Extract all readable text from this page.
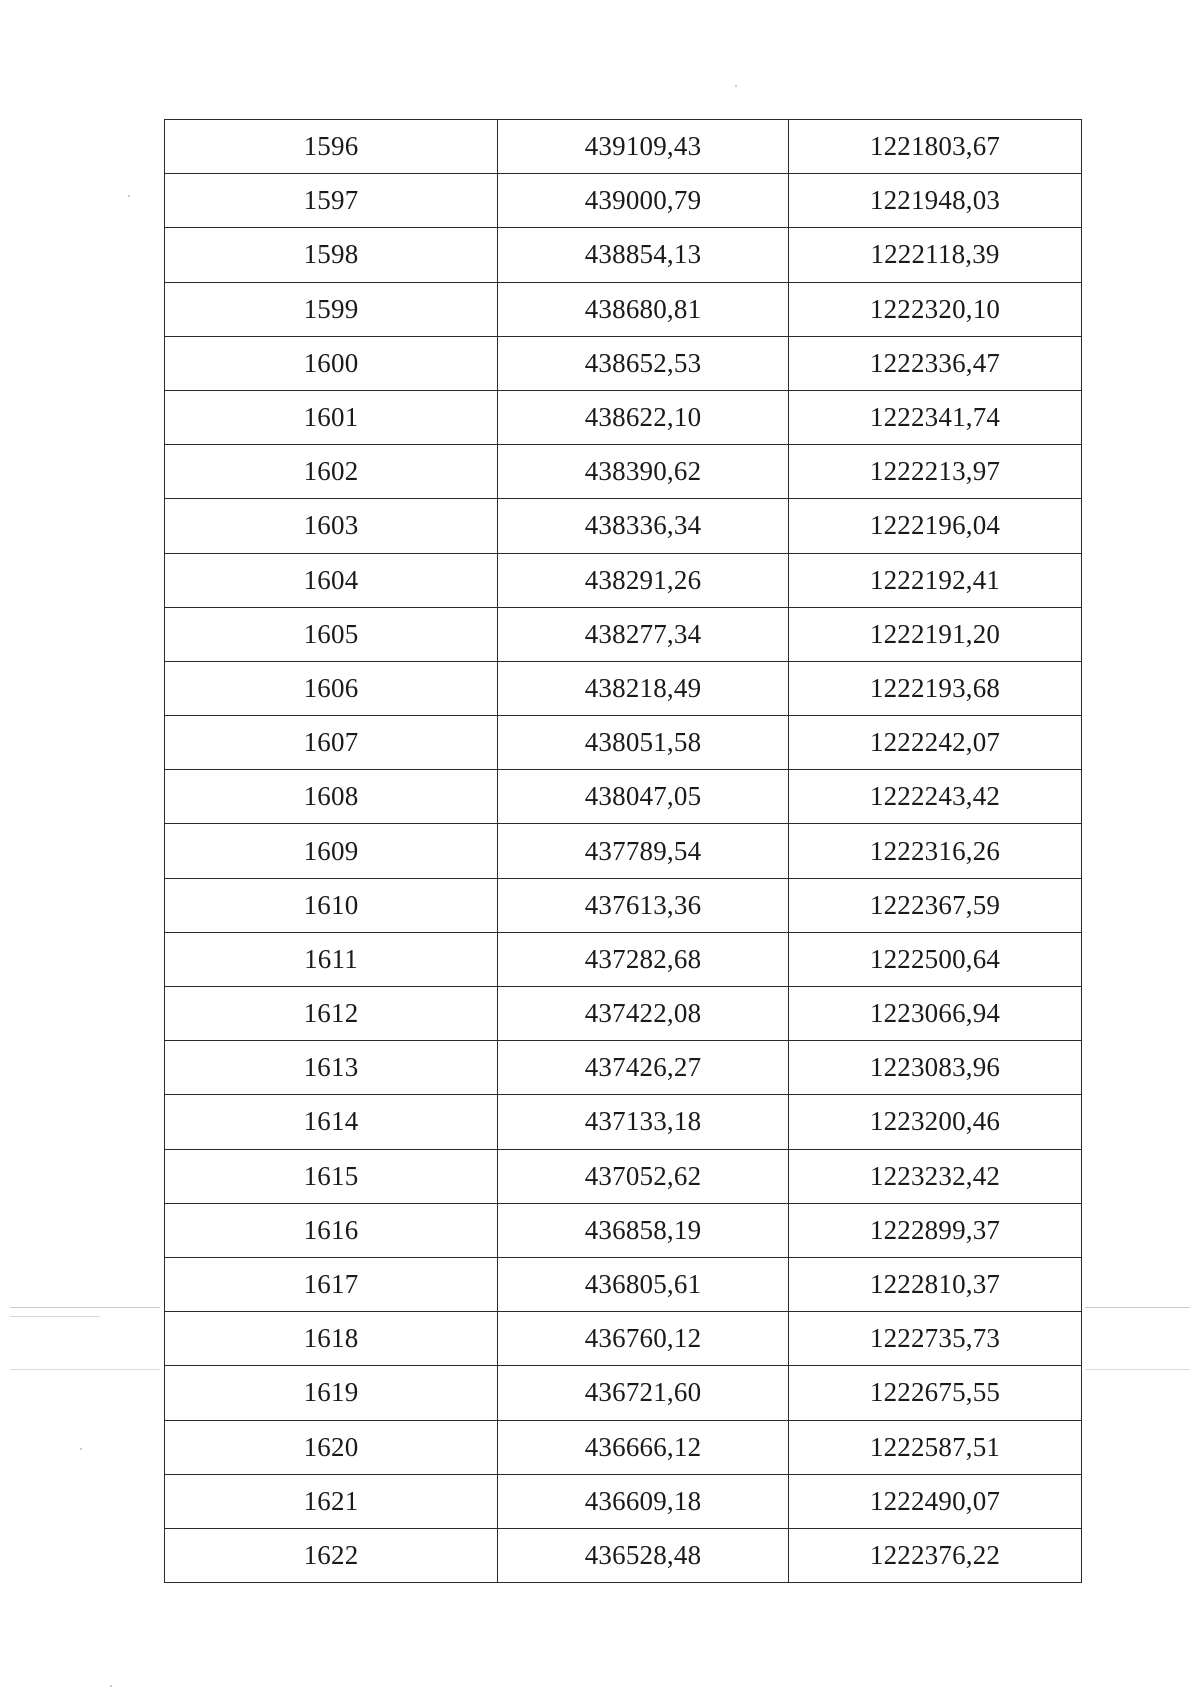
1596	439109,43	1221803,67
1597	439000,79	1221948,03
1598	438854,13	1222118,39
1599	438680,81	1222320,10
1600	438652,53	1222336,47
1601	438622,10	1222341,74
1602	438390,62	1222213,97
1603	438336,34	1222196,04
1604	438291,26	1222192,41
1605	438277,34	1222191,20
1606	438218,49	1222193,68
1607	438051,58	1222242,07
1608	438047,05	1222243,42
1609	437789,54	1222316,26
1610	437613,36	1222367,59
1611	437282,68	1222500,64
1612	437422,08	1223066,94
1613	437426,27	1223083,96
1614	437133,18	1223200,46
1615	437052,62	1223232,42
1616	436858,19	1222899,37
1617	436805,61	1222810,37
1618	436760,12	1222735,73
1619	436721,60	1222675,55
1620	436666,12	1222587,51
1621	436609,18	1222490,07
1622	436528,48	1222376,22
